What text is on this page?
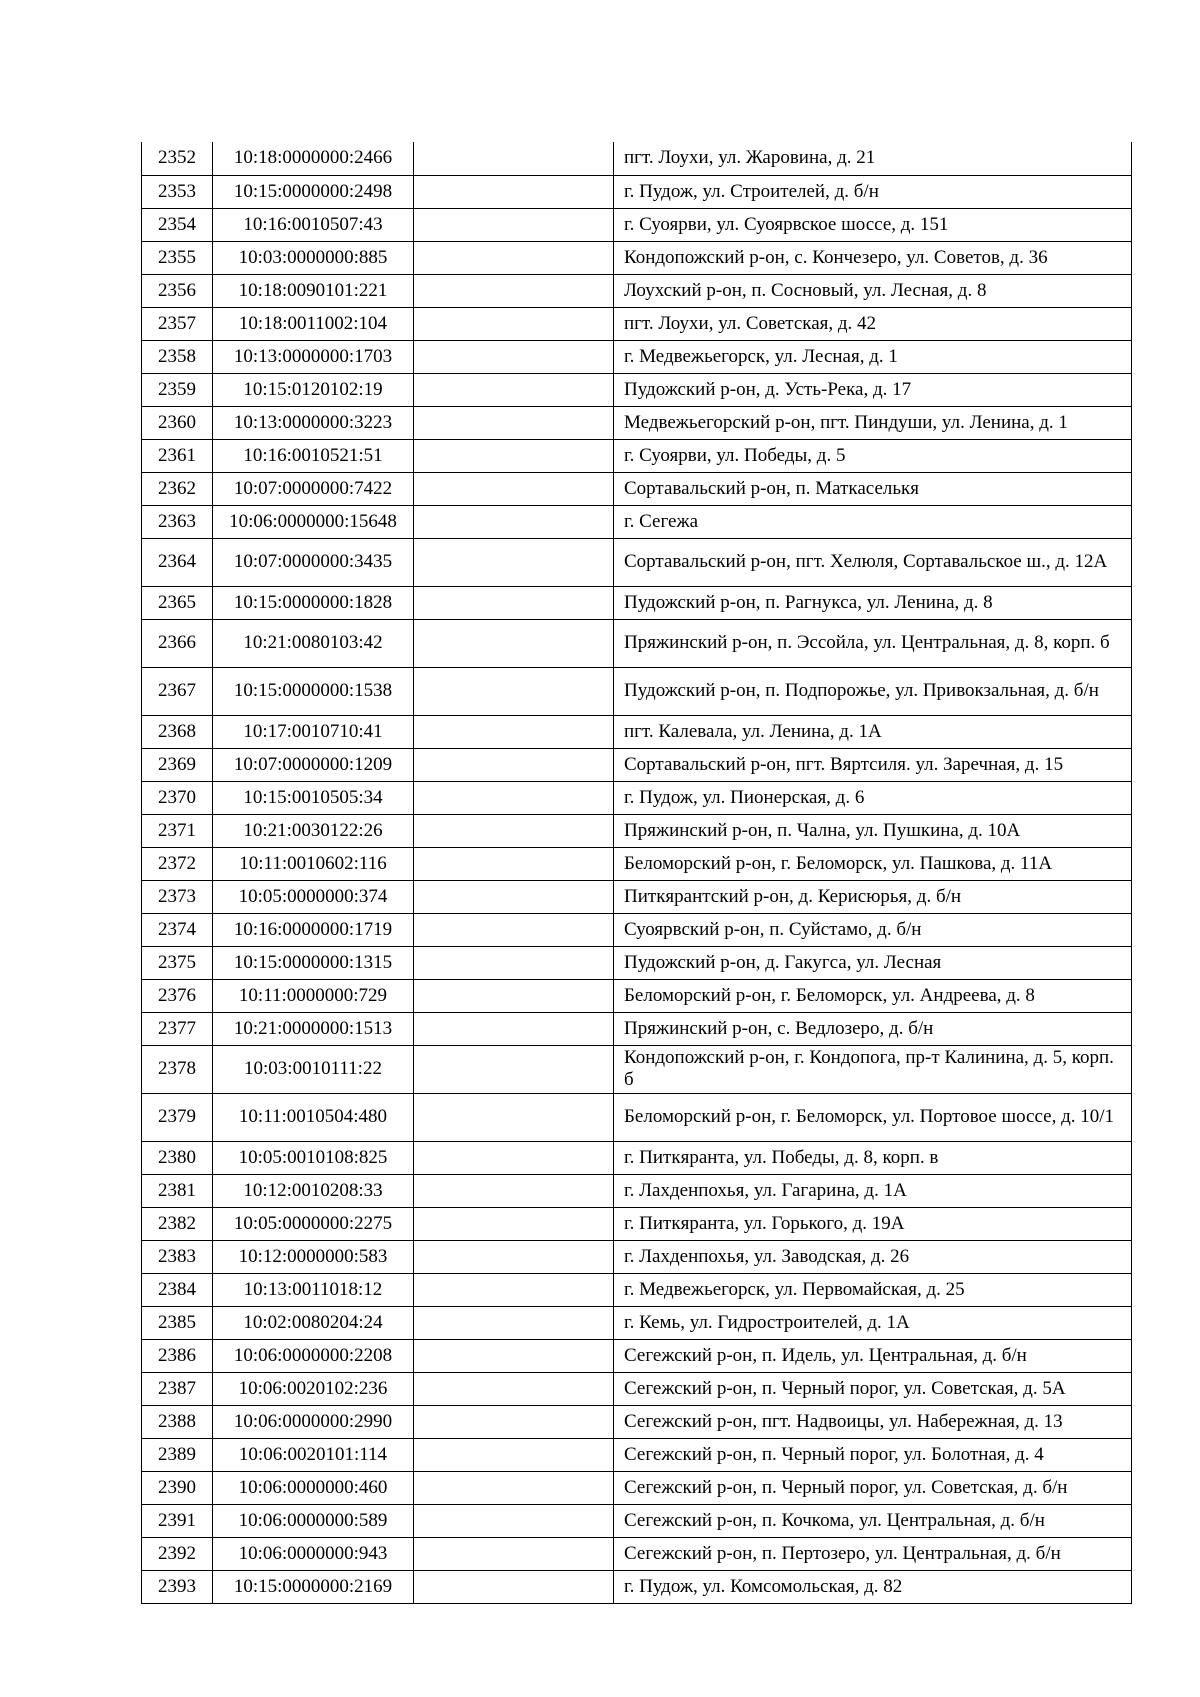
2352	10:18:0000000:2466		пгт. Лоухи, ул. Жаровина, д. 21
2353	10:15:0000000:2498		г. Пудож, ул. Строителей, д. б/н
2354	10:16:0010507:43		г. Суоярви, ул. Суоярвское шоссе, д. 151
2355	10:03:0000000:885		Кондопожский р-он, с. Кончезеро, ул. Советов, д. 36
2356	10:18:0090101:221		Лоухский р-он, п. Сосновый, ул. Лесная, д. 8
2357	10:18:0011002:104		пгт. Лоухи, ул. Советская, д. 42
2358	10:13:0000000:1703		г. Медвежьегорск, ул. Лесная, д. 1
2359	10:15:0120102:19		Пудожский р-он, д. Усть-Река, д. 17
2360	10:13:0000000:3223		Медвежьегорский р-он, пгт. Пиндуши, ул. Ленина, д. 1
2361	10:16:0010521:51		г. Суоярви, ул. Победы, д. 5
2362	10:07:0000000:7422		Сортавальский р-он, п. Маткаселькя
2363	10:06:0000000:15648		г. Сегежа
2364	10:07:0000000:3435		Сортавальский р-он, пгт. Хелюля, Сортавальское ш., д. 12А
2365	10:15:0000000:1828		Пудожский р-он, п. Рагнукса, ул. Ленина, д. 8
2366	10:21:0080103:42		Пряжинский р-он, п. Эссойла, ул. Центральная, д. 8, корп. б
2367	10:15:0000000:1538		Пудожский р-он, п. Подпорожье, ул. Привокзальная, д. б/н
2368	10:17:0010710:41		пгт. Калевала, ул. Ленина, д. 1А
2369	10:07:0000000:1209		Сортавальский р-он, пгт. Вяртсиля. ул. Заречная, д. 15
2370	10:15:0010505:34		г. Пудож, ул. Пионерская, д. 6
2371	10:21:0030122:26		Пряжинский р-он, п. Чална, ул. Пушкина, д. 10А
2372	10:11:0010602:116		Беломорский р-он, г. Беломорск, ул. Пашкова, д. 11А
2373	10:05:0000000:374		Питкярантский р-он, д. Керисюрья, д. б/н
2374	10:16:0000000:1719		Суоярвский р-он, п. Суйстамо, д. б/н
2375	10:15:0000000:1315		Пудожский р-он, д. Гакугса, ул. Лесная
2376	10:11:0000000:729		Беломорский р-он, г. Беломорск, ул. Андреева, д. 8
2377	10:21:0000000:1513		Пряжинский р-он, с. Ведлозеро, д. б/н
2378	10:03:0010111:22		Кондопожский р-он, г. Кондопога, пр-т Калинина, д. 5, корп. б
2379	10:11:0010504:480		Беломорский р-он, г. Беломорск, ул. Портовое шоссе, д. 10/1
2380	10:05:0010108:825		г. Питкяранта, ул. Победы, д. 8, корп. в
2381	10:12:0010208:33		г. Лахденпохья, ул. Гагарина, д. 1А
2382	10:05:0000000:2275		г. Питкяранта, ул. Горького, д. 19А
2383	10:12:0000000:583		г. Лахденпохья, ул. Заводская, д. 26
2384	10:13:0011018:12		г. Медвежьегорск, ул. Первомайская, д. 25
2385	10:02:0080204:24		г. Кемь, ул. Гидростроителей, д. 1А
2386	10:06:0000000:2208		Сегежский р-он, п. Идель, ул. Центральная, д. б/н
2387	10:06:0020102:236		Сегежский р-он, п. Черный порог, ул. Советская, д. 5А
2388	10:06:0000000:2990		Сегежский р-он, пгт. Надвоицы, ул. Набережная, д. 13
2389	10:06:0020101:114		Сегежский р-он, п. Черный порог, ул. Болотная, д. 4
2390	10:06:0000000:460		Сегежский р-он, п. Черный порог, ул. Советская, д. б/н
2391	10:06:0000000:589		Сегежский р-он, п. Кочкома, ул. Центральная, д. б/н
2392	10:06:0000000:943		Сегежский р-он, п. Пертозеро, ул. Центральная, д. б/н
2393	10:15:0000000:2169		г. Пудож, ул. Комсомольская, д. 82
